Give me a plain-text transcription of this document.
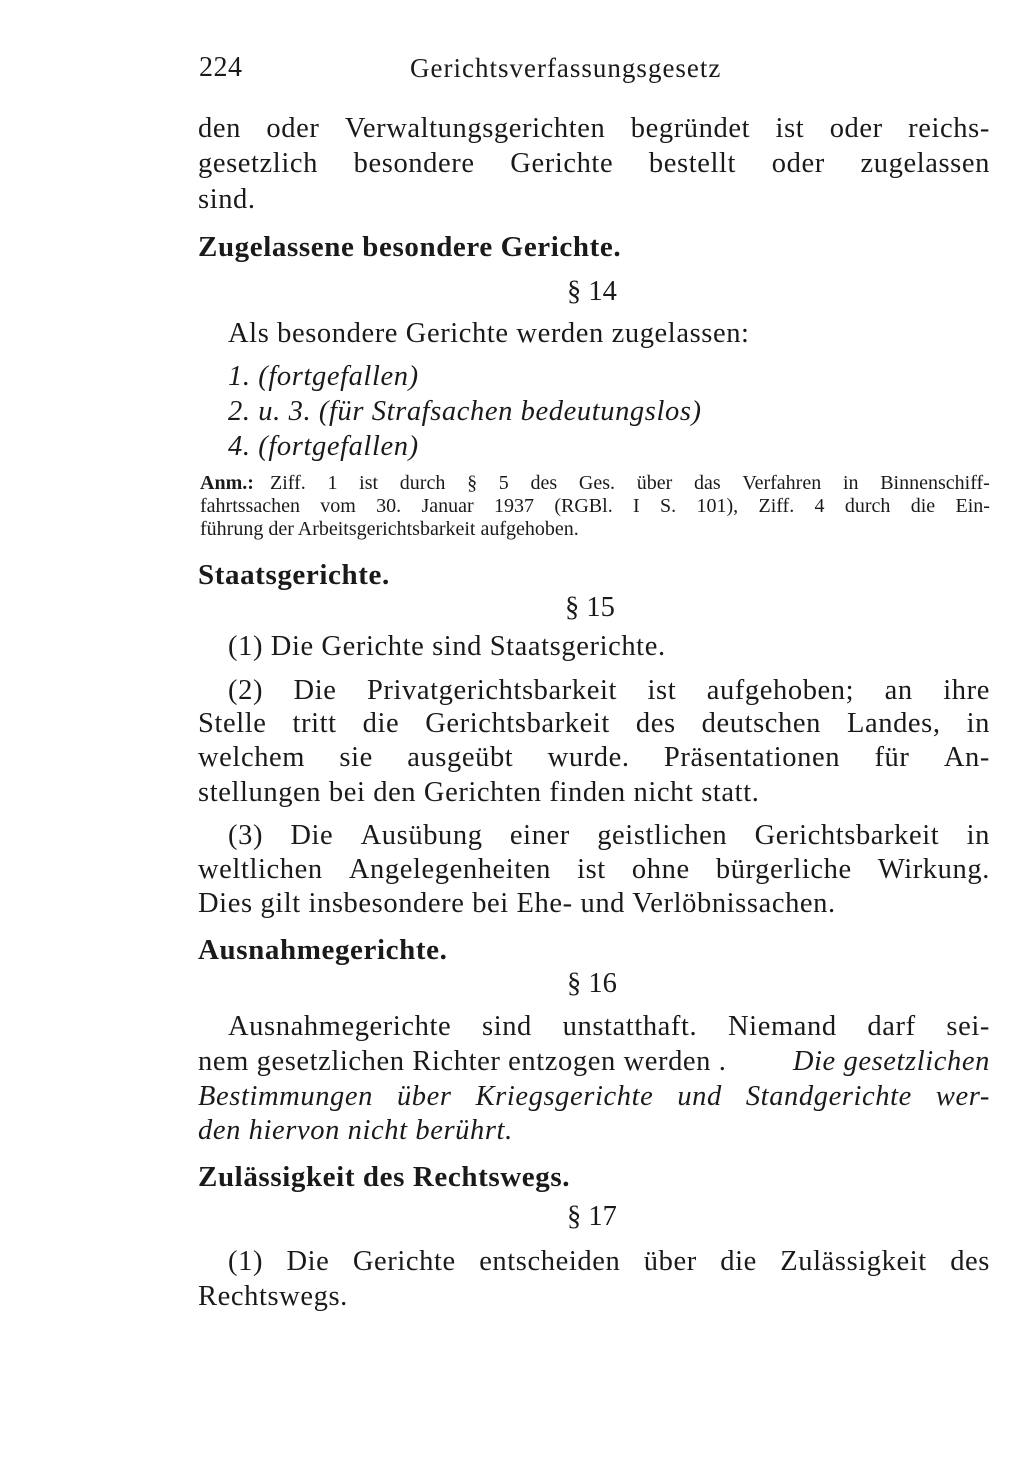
224	Gerichtsverfassungsgesetz
den oder Verwaltungsgerichten begründet ist oder reichs-
gesetzlich besondere Gerichte bestellt oder zugelassen
sind.
Zugelassene besondere Gerichte.
§ 14
Als besondere Gerichte werden zugelassen:
1. (fortgefallen)
2. u. 3. (für Strafsachen bedeutungslos)
4. (fortgefallen)
Anm.: Ziff. 1 ist durch § 5 des Ges. über das Verfahren in Binnenschiff-
fahrtssachen vom 30. Januar 1937 (RGBl. I S. 101), Ziff. 4 durch die Ein-
führung der Arbeitsgerichtsbarkeit aufgehoben.
Staatsgerichte.
§ 15
(1) Die Gerichte sind Staatsgerichte.
(2) Die Privatgerichtsbarkeit ist aufgehoben; an ihre
Stelle tritt die Gerichtsbarkeit des deutschen Landes, in
welchem sie ausgeübt wurde. Präsentationen für An-
stellungen bei den Gerichten finden nicht statt.
(3) Die Ausübung einer geistlichen Gerichtsbarkeit in
weltlichen Angelegenheiten ist ohne bürgerliche Wirkung.
Dies gilt insbesondere bei Ehe- und Verlöbnissachen.
Ausnahmegerichte.
§ 16
Ausnahmegerichte sind unstatthaft. Niemand darf sei-
nem gesetzlichen Richter entzogen werden . Die gesetzlichen
Bestimmungen über Kriegsgerichte und Standgerichte wer-
den hiervon nicht berührt.
Zulässigkeit des Rechtswegs.
§ 17
(1) Die Gerichte entscheiden über die Zulässigkeit des
Rechtswegs.
